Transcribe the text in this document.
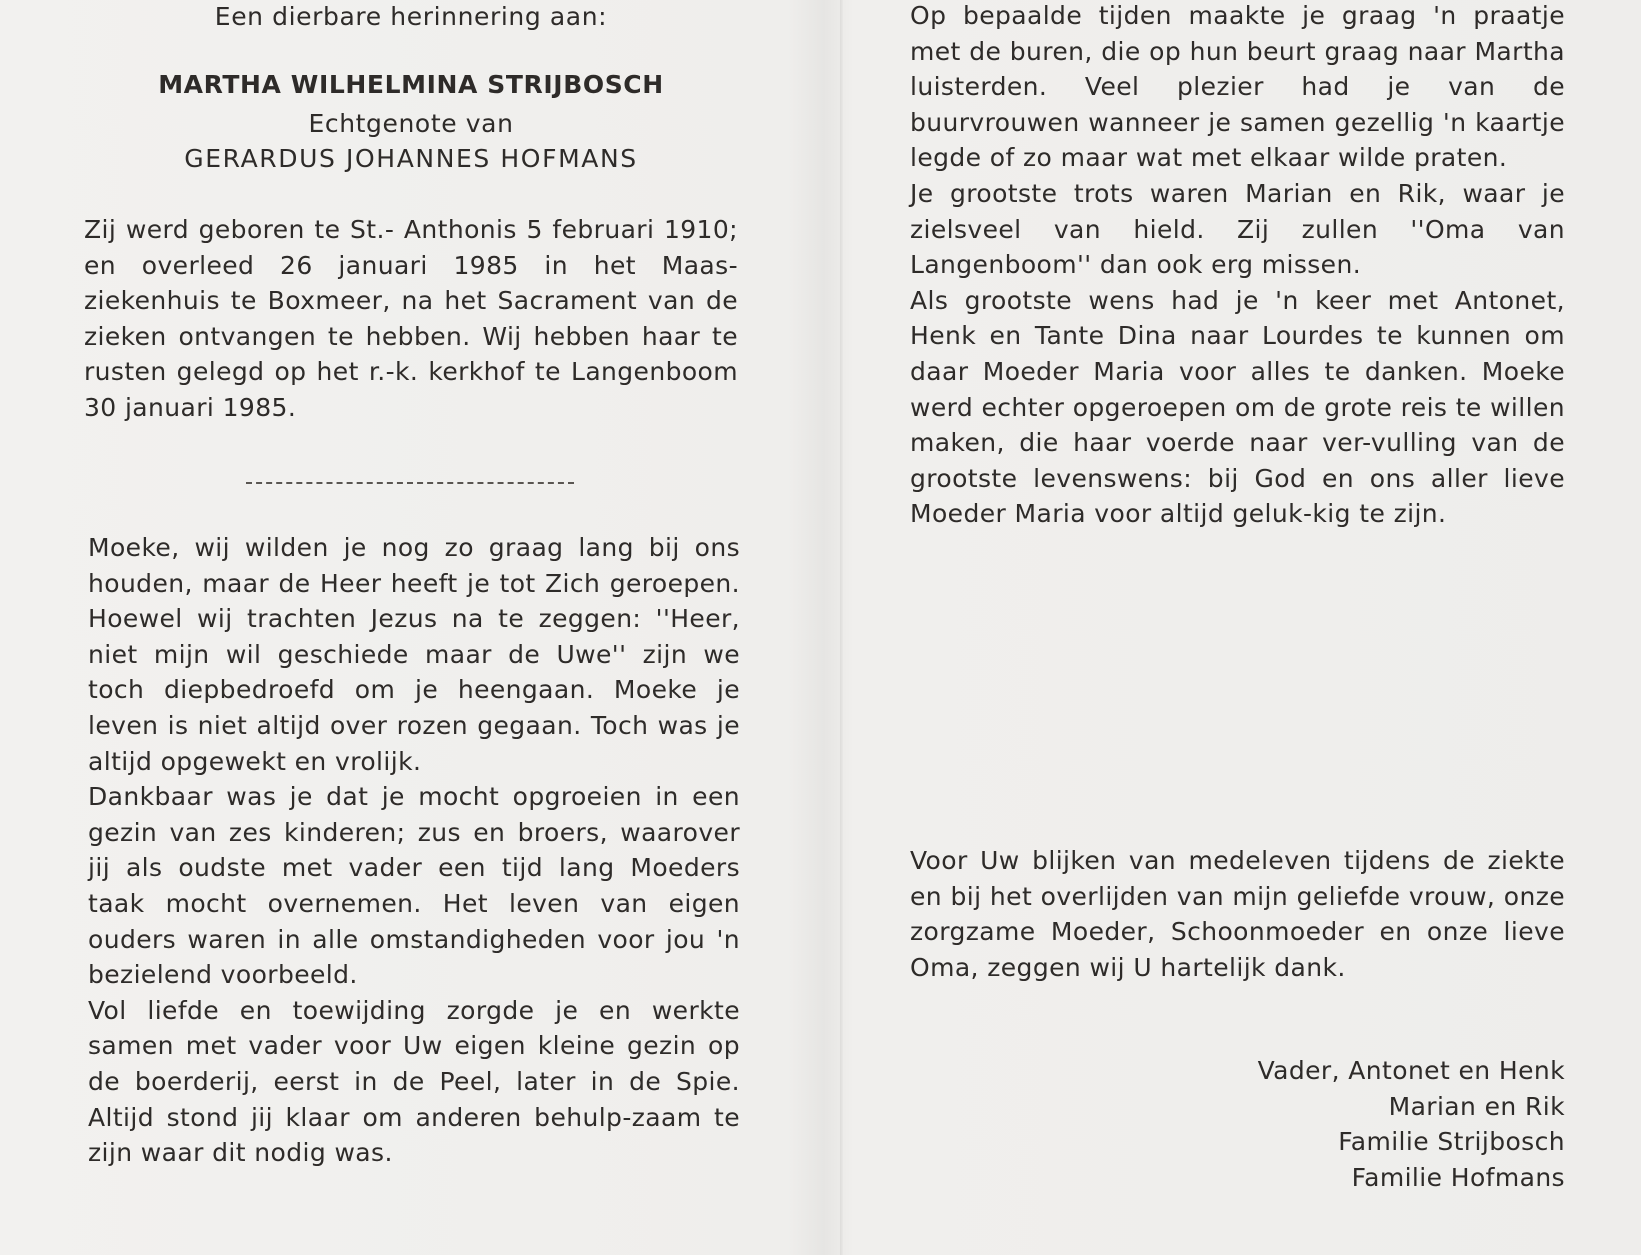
Een dierbare herinnering aan:
MARTHA WILHELMINA STRIJBOSCH
Echtgenote van
GERARDUS JOHANNES HOFMANS

Zij werd geboren te St.- Anthonis 5 februari 1910; en overleed 26 januari 1985 in het Maas-ziekenhuis te Boxmeer, na het Sacrament van de zieken ontvangen te hebben. Wij hebben haar te rusten gelegd op het r.-k. kerkhof te Langenboom 30 januari 1985.

Moeke, wij wilden je nog zo graag lang bij ons houden, maar de Heer heeft je tot Zich geroepen. Hoewel wij trachten Jezus na te zeggen: ''Heer, niet mijn wil geschiede maar de Uwe'' zijn we toch diepbedroefd om je heengaan. Moeke je leven is niet altijd over rozen gegaan. Toch was je altijd opgewekt en vrolijk.

Dankbaar was je dat je mocht opgroeien in een gezin van zes kinderen; zus en broers, waarover jij als oudste met vader een tijd lang Moeders taak mocht overnemen. Het leven van eigen ouders waren in alle omstandigheden voor jou 'n bezielend voorbeeld.

Vol liefde en toewijding zorgde je en werkte samen met vader voor Uw eigen kleine gezin op de boerderij, eerst in de Peel, later in de Spie. Altijd stond jij klaar om anderen behulp-zaam te zijn waar dit nodig was.

Op bepaalde tijden maakte je graag 'n praatje met de buren, die op hun beurt graag naar Martha luisterden. Veel plezier had je van de buurvrouwen wanneer je samen gezellig 'n kaartje legde of zo maar wat met elkaar wilde praten.

Je grootste trots waren Marian en Rik, waar je zielsveel van hield. Zij zullen ''Oma van Langenboom'' dan ook erg missen.

Als grootste wens had je 'n keer met Antonet, Henk en Tante Dina naar Lourdes te kunnen om daar Moeder Maria voor alles te danken. Moeke werd echter opgeroepen om de grote reis te willen maken, die haar voerde naar ver-vulling van de grootste levenswens: bij God en ons aller lieve Moeder Maria voor altijd geluk-kig te zijn.

Voor Uw blijken van medeleven tijdens de ziekte en bij het overlijden van mijn geliefde vrouw, onze zorgzame Moeder, Schoonmoeder en onze lieve Oma, zeggen wij U hartelijk dank.

Vader, Antonet en Henk
Marian en Rik
Familie Strijbosch
Familie Hofmans
